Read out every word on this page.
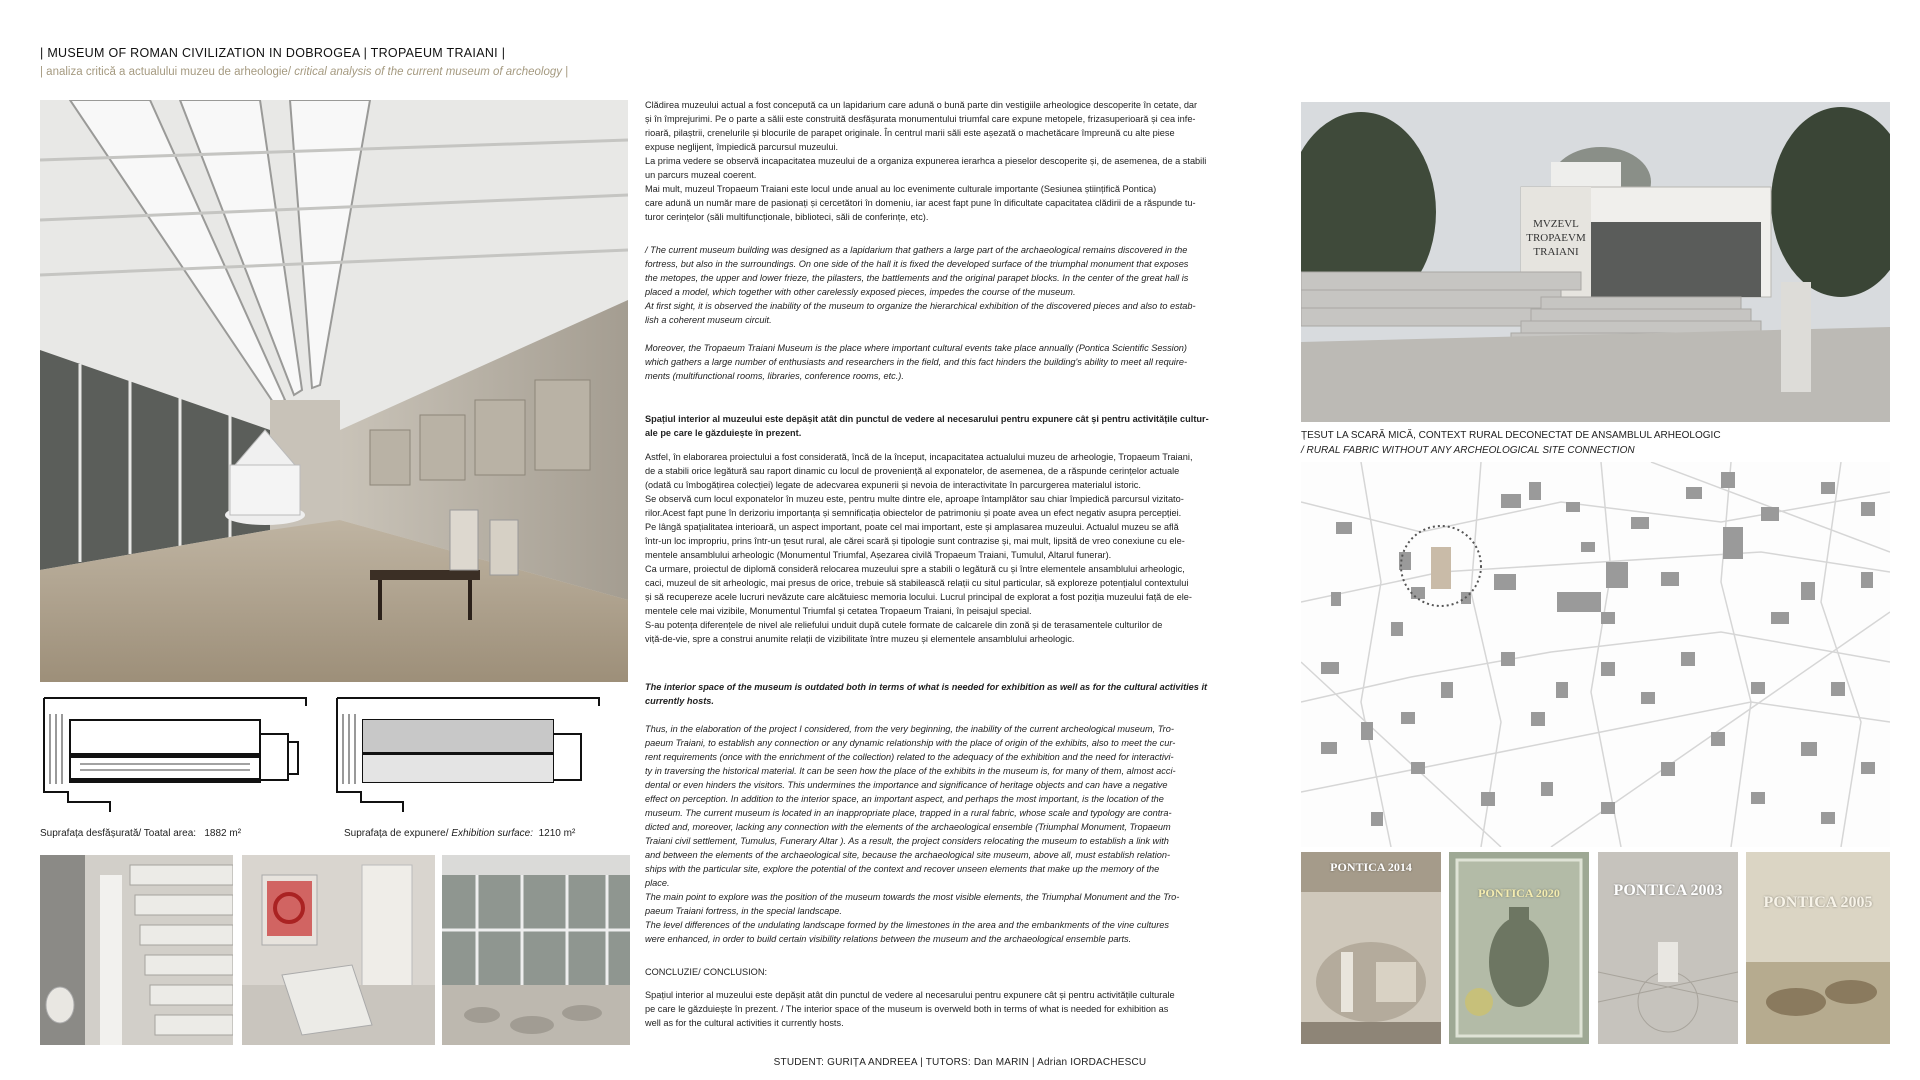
| MUSEUM OF ROMAN CIVILIZATION IN DOBROGEA | TROPAEUM TRAIANI |
| analiza critică a actualului muzeu de arheologie/ critical analysis of the current museum of archeology |
Suprafața desfășurată/ Toatal area: 1882 m²	Suprafața de expunere/ Exhibition surface: 1210 m²

Clădirea muzeului actual a fost concepută ca un lapidarium care adună o bună parte din vestigiile arheologice descoperite în cetate, dar
și în împrejurimi. Pe o parte a sălii este construită desfășurata monumentului triumfal care expune metopele, frizasuperioară și cea infe-
rioară, pilaștrii, crenelurile și blocurile de parapet originale. În centrul marii săli este așezată o machetăcare împreună cu alte piese
expuse neglijent, împiedică parcursul muzeului.
La prima vedere se observă incapacitatea muzeului de a organiza expunerea ierarhca a pieselor descoperite și, de asemenea, de a stabili
un parcurs muzeal coerent.
Mai mult, muzeul Tropaeum Traiani este locul unde anual au loc evenimente culturale importante (Sesiunea științifică Pontica)
care adună un număr mare de pasionați și cercetători în domeniu, iar acest fapt pune în dificultate capacitatea clădirii de a răspunde tu-
turor cerințelor (săli multifuncționale, biblioteci, săli de conferințe, etc).

/ The current museum building was designed as a lapidarium that gathers a large part of the archaeological remains discovered in the
fortress, but also in the surroundings. On one side of the hall it is fixed the developed surface of the triumphal monument that exposes
the metopes, the upper and lower frieze, the pilasters, the battlements and the original parapet blocks. In the center of the great hall is
placed a model, which together with other carelessly exposed pieces, impedes the course of the museum.
At first sight, it is observed the inability of the museum to organize the hierarchical exhibition of the discovered pieces and also to estab-
lish a coherent museum circuit.

Moreover, the Tropaeum Traiani Museum is the place where important cultural events take place annually (Pontica Scientific Session)
which gathers a large number of enthusiasts and researchers in the field, and this fact hinders the building's ability to meet all require-
ments (multifunctional rooms, libraries, conference rooms, etc.).

Spațiul interior al muzeului este depășit atât din punctul de vedere al necesarului pentru expunere cât și pentru activitățile cultur-
ale pe care le găzduiește în prezent.

Astfel, în elaborarea proiectului a fost considerată, încă de la început, incapacitatea actualului muzeu de arheologie, Tropaeum Traiani,
de a stabili orice legătură sau raport dinamic cu locul de proveniență al exponatelor, de asemenea, de a răspunde cerințelor actuale
(odată cu îmbogățirea colecției) legate de adecvarea expunerii și nevoia de interactivitate în parcurgerea materialul istoric.
Se observă cum locul exponatelor în muzeu este, pentru multe dintre ele, aproape întamplător sau chiar împiedică parcursul vizitato-
rilor.Acest fapt pune în derizoriu importanța și semnificația obiectelor de patrimoniu și poate avea un efect negativ asupra percepției.
Pe lângă spațialitatea interioară, un aspect important, poate cel mai important, este și amplasarea muzeului. Actualul muzeu se află
într-un loc impropriu, prins într-un țesut rural, ale cărei scară și tipologie sunt contrazise și, mai mult, lipsită de vreo conexiune cu ele-
mentele ansamblului arheologic (Monumentul Triumfal, Așezarea civilă Tropaeum Traiani, Tumulul, Altarul funerar).
Ca urmare, proiectul de diplomă consideră relocarea muzeului spre a stabili o legătură cu și între elementele ansamblului arheologic,
caci, muzeul de sit arheologic, mai presus de orice, trebuie să stabilească relații cu situl particular, să exploreze potențialul contextului
și să recupereze acele lucruri nevăzute care alcătuiesc memoria locului. Lucrul principal de explorat a fost poziția muzeului față de ele-
mentele cele mai vizibile, Monumentul Triumfal și cetatea Tropaeum Traiani, în peisajul special.
S-au potența diferențele de nivel ale reliefului unduit după cutele formate de calcarele din zonă și de terasamentele culturilor de
viță-de-vie, spre a construi anumite relații de vizibilitate între muzeu și elementele ansamblului arheologic.

The interior space of the museum is outdated both in terms of what is needed for exhibition as well as for the cultural activities it
currently hosts.

Thus, in the elaboration of the project I considered, from the very beginning, the inability of the current archeological museum, Tro-
paeum Traiani, to establish any connection or any dynamic relationship with the place of origin of the exhibits, also to meet the cur-
rent requirements (once with the enrichment of the collection) related to the adequacy of the exhibition and the need for interactivi-
ty in traversing the historical material. It can be seen how the place of the exhibits in the museum is, for many of them, almost acci-
dental or even hinders the visitors. This undermines the importance and significance of heritage objects and can have a negative
effect on perception. In addition to the interior space, an important aspect, and perhaps the most important, is the location of the
museum. The current museum is located in an inappropriate place, trapped in a rural fabric, whose scale and typology are contra-
dicted and, moreover, lacking any connection with the elements of the archaeological ensemble (Triumphal Monument, Tropaeum
Traiani civil settlement, Tumulus, Funerary Altar ). As a result, the project considers relocating the museum to establish a link with
and between the elements of the archaeological site, because the archaeological site museum, above all, must establish relation-
ships with the particular site, explore the potential of the context and recover unseen elements that make up the memory of the
place.
The main point to explore was the position of the museum towards the most visible elements, the Triumphal Monument and the Tro-
paeum Traiani fortress, in the special landscape.
The level differences of the undulating landscape formed by the limestones in the area and the embankments of the vine cultures
were enhanced, in order to build certain visibility relations between the museum and the archaeological ensemble parts.

CONCLUZIE/ CONCLUSION:

Spațiul interior al muzeului este depășit atât din punctul de vedere al necesarului pentru expunere cât și pentru activitățile culturale
pe care le găzduiește în prezent. / The interior space of the museum is overweld both in terms of what is needed for exhibition as
well as for the cultural activities it currently hosts.

MVZEVL
TROPAEVM
TRAIANI
ȚESUT LA SCARĂ MICĂ, CONTEXT RURAL DECONECTAT DE ANSAMBLUL ARHEOLOGIC
/ RURAL FABRIC WITHOUT ANY ARCHEOLOGICAL SITE CONNECTION
PONTICA 2014
PONTICA 2020	PONTICA 2003
PONTICA 2005
STUDENT: GURIȚA ANDREEA | TUTORS: Dan MARIN | Adrian IORDACHESCU
